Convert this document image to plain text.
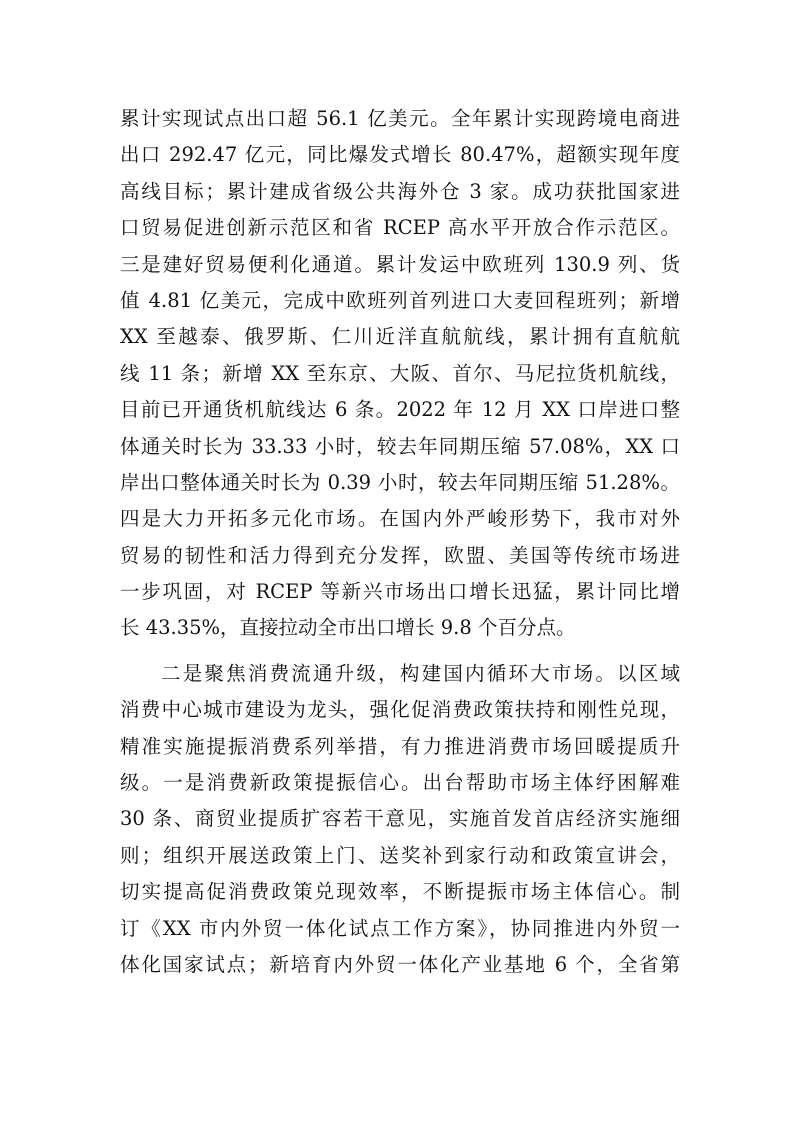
累计实现试点出口超 56.1 亿美元。全年累计实现跨境电商进
出口 292.47 亿元，同比爆发式增长 80.47%，超额实现年度
高线目标；累计建成省级公共海外仓 3 家。成功获批国家进
口贸易促进创新示范区和省 RCEP 高水平开放合作示范区。
三是建好贸易便利化通道。累计发运中欧班列 130.9 列、货
值 4.81 亿美元，完成中欧班列首列进口大麦回程班列；新增
XX 至越泰、俄罗斯、仁川近洋直航航线，累计拥有直航航
线 11 条；新增 XX 至东京、大阪、首尔、马尼拉货机航线，
目前已开通货机航线达 6 条。2022 年 12 月 XX 口岸进口整
体通关时长为 33.33 小时，较去年同期压缩 57.08%，XX 口
岸出口整体通关时长为 0.39 小时，较去年同期压缩 51.28%。
四是大力开拓多元化市场。在国内外严峻形势下，我市对外
贸易的韧性和活力得到充分发挥，欧盟、美国等传统市场进
一步巩固，对 RCEP 等新兴市场出口增长迅猛，累计同比增
长 43.35%，直接拉动全市出口增长 9.8 个百分点。
二是聚焦消费流通升级，构建国内循环大市场。以区域
消费中心城市建设为龙头，强化促消费政策扶持和刚性兑现，
精准实施提振消费系列举措，有力推进消费市场回暖提质升
级。一是消费新政策提振信心。出台帮助市场主体纾困解难
30 条、商贸业提质扩容若干意见，实施首发首店经济实施细
则；组织开展送政策上门、送奖补到家行动和政策宣讲会，
切实提高促消费政策兑现效率，不断提振市场主体信心。制
订《XX 市内外贸一体化试点工作方案》，协同推进内外贸一
体化国家试点；新培育内外贸一体化产业基地 6 个，全省第
